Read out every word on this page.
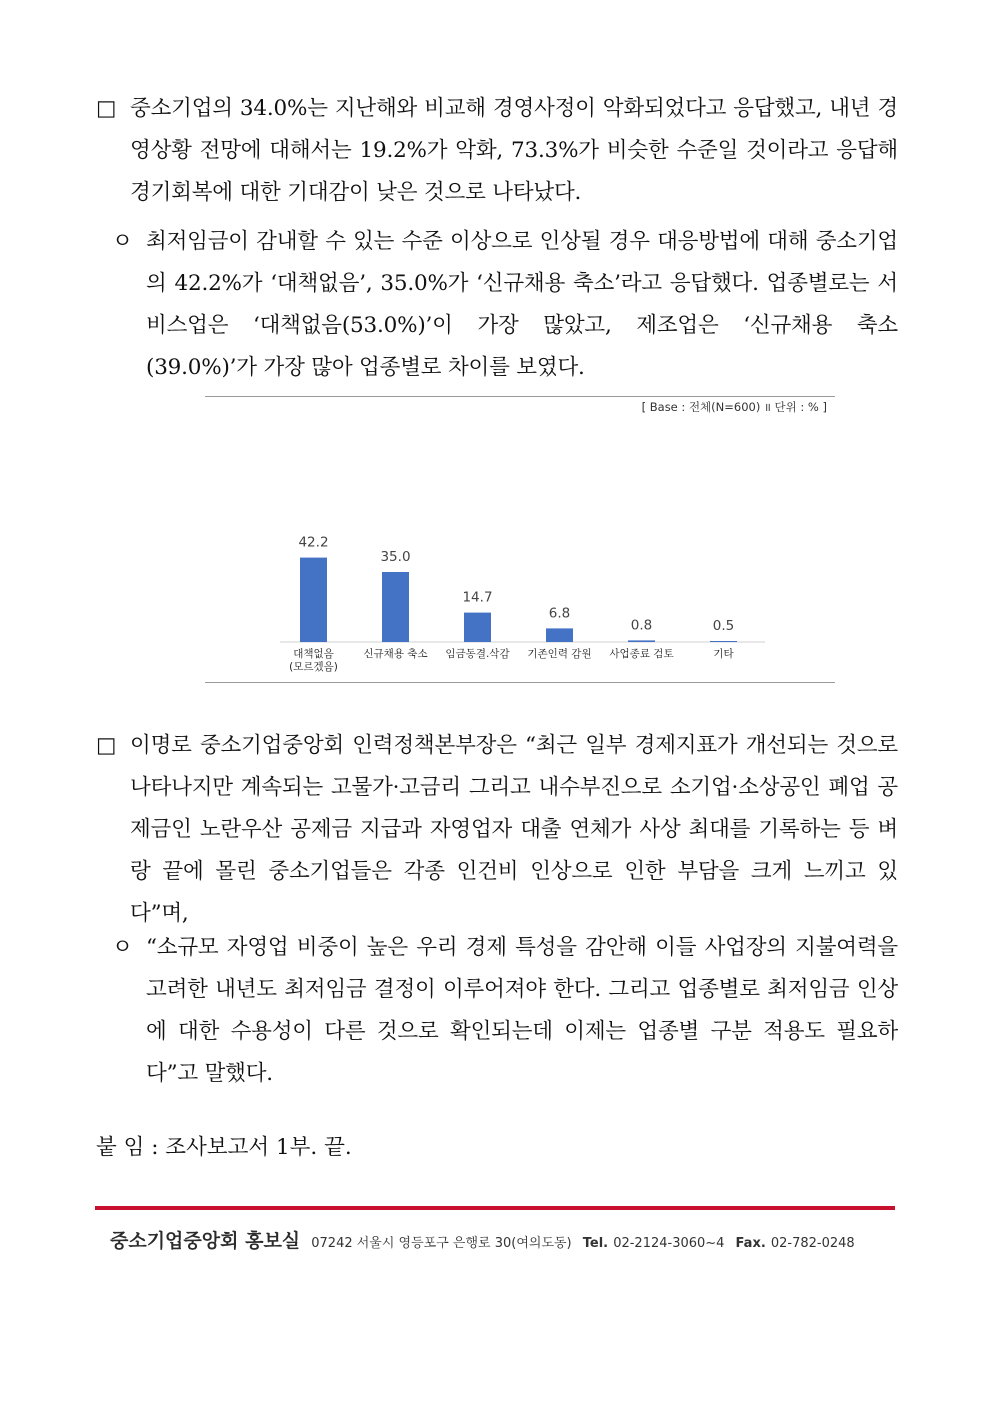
□ 중소기업의 34.0%는 지난해와 비교해 경영사정이 악화되었다고 응답했고, 내년 경영상황 전망에 대해서는 19.2%가 악화, 73.3%가 비슷한 수준일 것이라고 응답해 경기회복에 대한 기대감이 낮은 것으로 나타났다.
ㅇ 최저임금이 감내할 수 있는 수준 이상으로 인상될 경우 대응방법에 대해 중소기업의 42.2%가 ‘대책없음’, 35.0%가 ‘신규채용 축소’라고 응답했다. 업종별로는 서비스업은 ‘대책없음(53.0%)’이 가장 많았고, 제조업은 ‘신규채용 축소(39.0%)’가 가장 많아 업종별로 차이를 보였다.
[ Base : 전체(N=600) ॥ 단위 : % ]
42.2
대책없음
(모르겠음)
35.0
신규채용 축소
14.7
임금동결.삭감
6.8
기존인력 감원
0.8
사업종료 검토
0.5
기타
□ 이명로 중소기업중앙회 인력정책본부장은 “최근 일부 경제지표가 개선되는 것으로 나타나지만 계속되는 고물가·고금리 그리고 내수부진으로 소기업·소상공인 폐업 공제금인 노란우산 공제금 지급과 자영업자 대출 연체가 사상 최대를 기록하는 등 벼랑 끝에 몰린 중소기업들은 각종 인건비 인상으로 인한 부담을 크게 느끼고 있다”며,
ㅇ “소규모 자영업 비중이 높은 우리 경제 특성을 감안해 이들 사업장의 지불여력을 고려한 내년도 최저임금 결정이 이루어져야 한다. 그리고 업종별로 최저임금 인상에 대한 수용성이 다른 것으로 확인되는데 이제는 업종별 구분 적용도 필요하다”고 말했다.
붙 임 : 조사보고서 1부. 끝.
중소기업중앙회 홍보실 07242 서울시 영등포구 은행로 30(여의도동) Tel. 02-2124-3060~4 Fax. 02-782-0248
